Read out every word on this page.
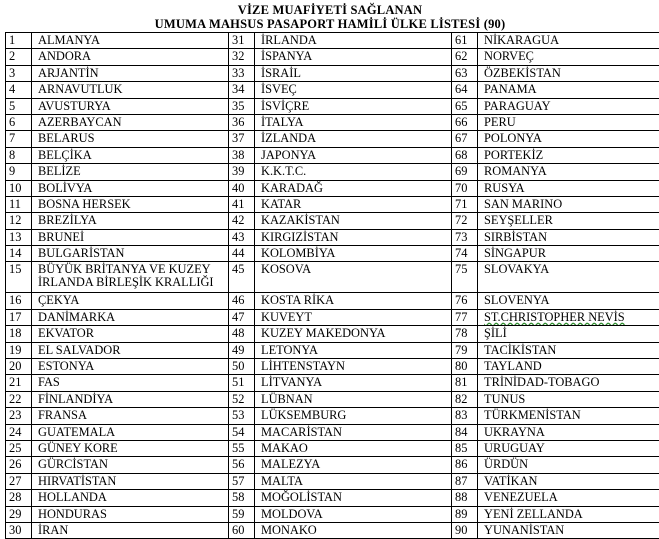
VİZE MUAFİYETİ SAĞLANAN
UMUMA MAHSUS PASAPORT HAMİLİ ÜLKE LİSTESİ (90)
1	ALMANYA	31	İRLANDA	61	NİKARAGUA
2	ANDORA	32	İSPANYA	62	NORVEÇ
3	ARJANTİN	33	İSRAİL	63	ÖZBEKİSTAN
4	ARNAVUTLUK	34	İSVEÇ	64	PANAMA
5	AVUSTURYA	35	İSVİÇRE	65	PARAGUAY
6	AZERBAYCAN	36	İTALYA	66	PERU
7	BELARUS	37	İZLANDA	67	POLONYA
8	BELÇİKA	38	JAPONYA	68	PORTEKİZ
9	BELİZE	39	K.K.T.C.	69	ROMANYA
10	BOLİVYA	40	KARADAĞ	70	RUSYA
11	BOSNA HERSEK	41	KATAR	71	SAN MARINO
12	BREZİLYA	42	KAZAKİSTAN	72	SEYŞELLER
13	BRUNEİ	43	KIRGIZİSTAN	73	SIRBİSTAN
14	BULGARİSTAN	44	KOLOMBİYA	74	SİNGAPUR
15	BÜYÜK BRİTANYA VE KUZEY İRLANDA BİRLEŞİK KRALLIĞI	45	KOSOVA	75	SLOVAKYA
16	ÇEKYA	46	KOSTA RİKA	76	SLOVENYA
17	DANİMARKA	47	KUVEYT	77	ST.CHRISTOPHER NEVİS
18	EKVATOR	48	KUZEY MAKEDONYA	78	ŞİLİ
19	EL SALVADOR	49	LETONYA	79	TACİKİSTAN
20	ESTONYA	50	LİHTENSTAYN	80	TAYLAND
21	FAS	51	LİTVANYA	81	TRİNİDAD-TOBAGO
22	FİNLANDİYA	52	LÜBNAN	82	TUNUS
23	FRANSA	53	LÜKSEMBURG	83	TÜRKMENİSTAN
24	GUATEMALA	54	MACARİSTAN	84	UKRAYNA
25	GÜNEY KORE	55	MAKAO	85	URUGUAY
26	GÜRCİSTAN	56	MALEZYA	86	ÜRDÜN
27	HIRVATİSTAN	57	MALTA	87	VATİKAN
28	HOLLANDA	58	MOĞOLİSTAN	88	VENEZUELA
29	HONDURAS	59	MOLDOVA	89	YENİ ZELLANDA
30	İRAN	60	MONAKO	90	YUNANİSTAN
